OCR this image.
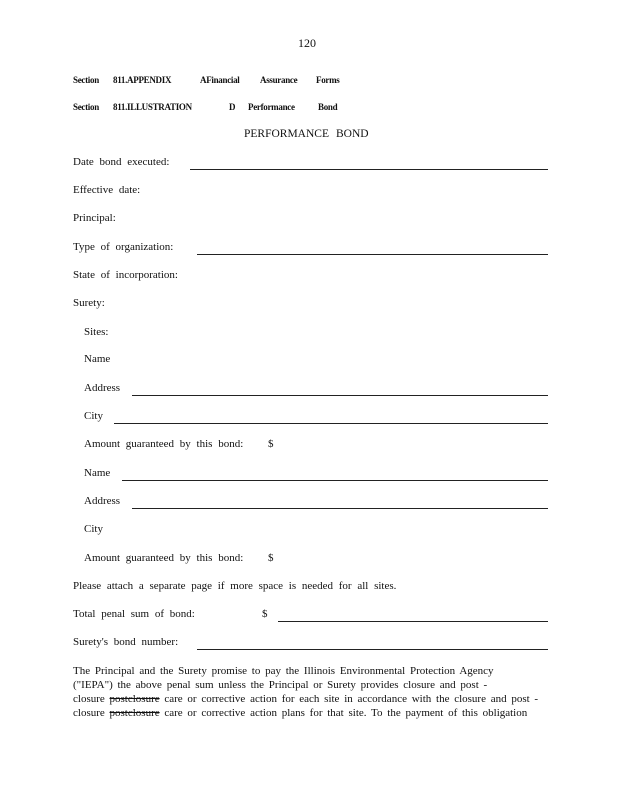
120
Section 811.APPENDIX	AFinancial Assurance Forms
Section 811.ILLUSTRATION	D Performance	Bond
PERFORMANCE BOND
Date bond executed:
Effective date:
Principal:
Type of organization:
State of incorporation:
Surety:
Sites:
Name
Address
City
Amount guaranteed by this bond: $
Name
Address
City
Amount guaranteed by this bond: $
Please attach a separate page if more space is needed for all sites.
Total penal sum of bond:	$
Surety's bond number:
The Principal and the Surety promise to pay the Illinois Environmental Protection Agency
("IEPA") the above penal sum unless the Principal or Surety provides closure and post -
closure postclosure care or corrective action for each site in accordance with the closure and post -
closure postclosure care or corrective action plans for that site. To the payment of this obligation
